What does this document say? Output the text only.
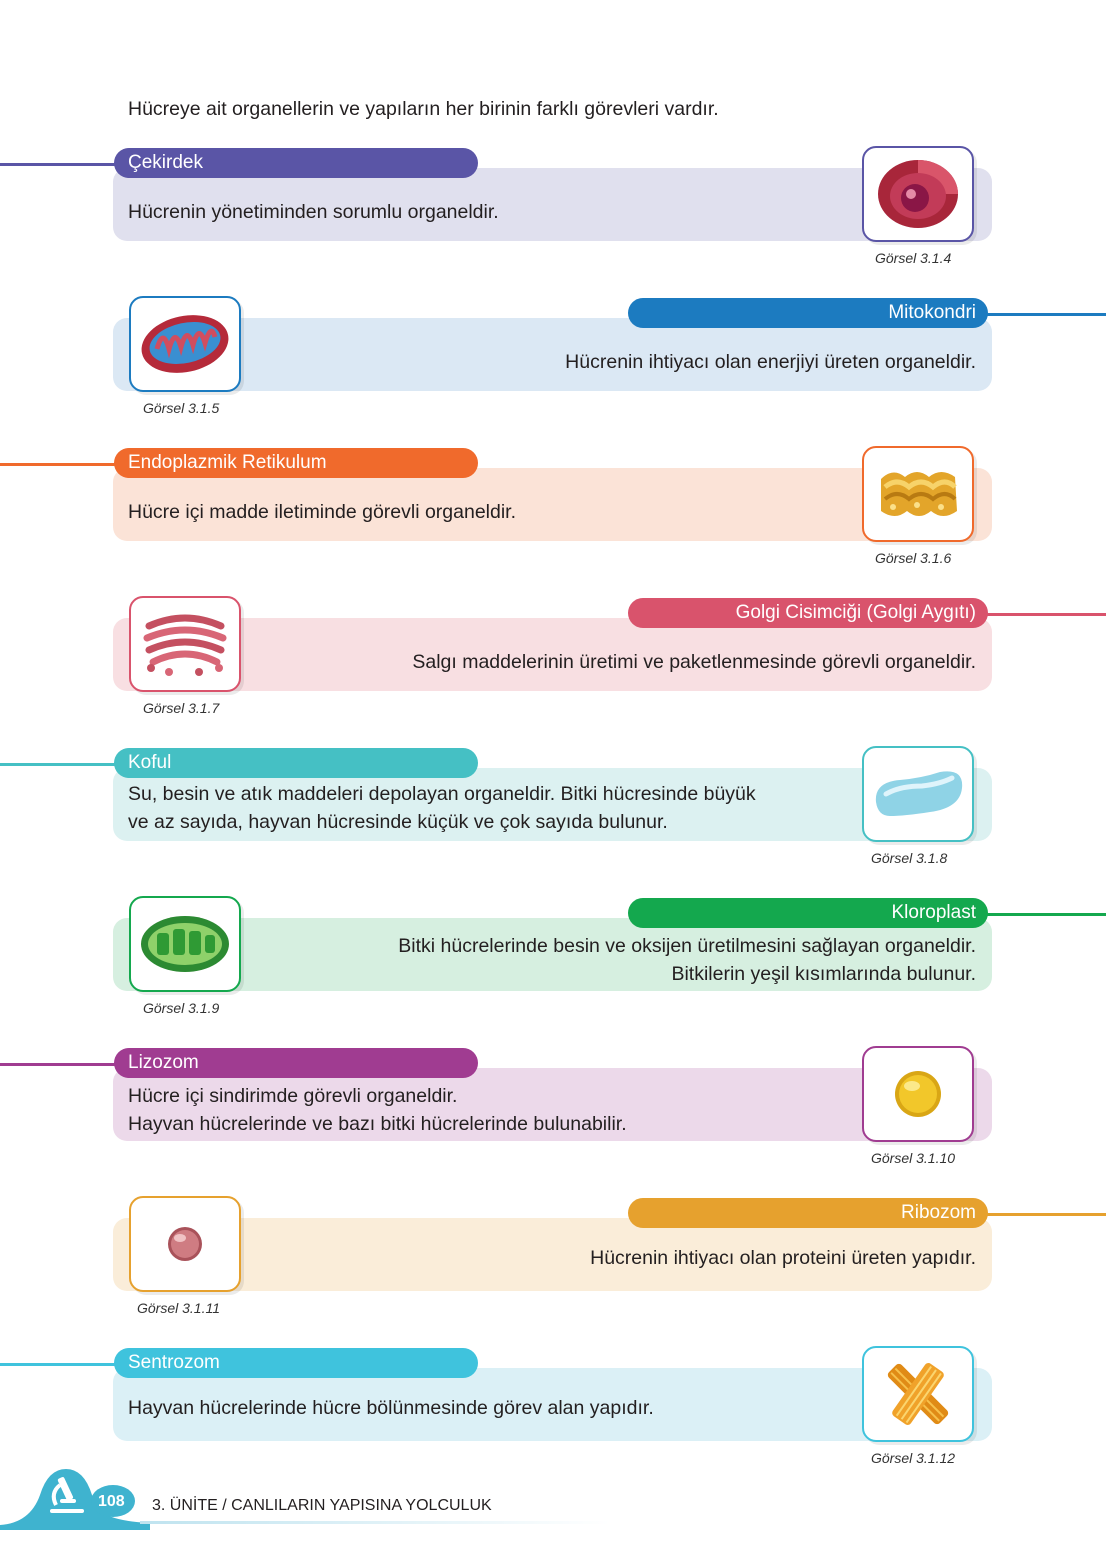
Hücreye ait organellerin ve yapıların her birinin farklı görevleri vardır.
Çekirdek
Hücrenin yönetiminden sorumlu organeldir.
Görsel 3.1.4
Mitokondri
Hücrenin ihtiyacı olan enerjiyi üreten organeldir.
Görsel 3.1.5
Endoplazmik Retikulum
Hücre içi madde iletiminde görevli organeldir.
Görsel 3.1.6
Golgi Cisimciği (Golgi Aygıtı)
Salgı maddelerinin üretimi ve paketlenmesinde görevli organeldir.
Görsel 3.1.7
Koful
Su, besin ve atık maddeleri depolayan organeldir. Bitki hücresinde büyük
ve az sayıda, hayvan hücresinde küçük ve çok sayıda bulunur.
Görsel 3.1.8
Kloroplast
Bitki hücrelerinde besin ve oksijen üretilmesini sağlayan organeldir.
Bitkilerin yeşil kısımlarında bulunur.
Görsel 3.1.9
Lizozom
Hücre içi sindirimde görevli organeldir.
Hayvan hücrelerinde ve bazı bitki hücrelerinde bulunabilir.
Görsel 3.1.10
Ribozom
Hücrenin ihtiyacı olan proteini üreten yapıdır.
Görsel 3.1.11
Sentrozom
Hayvan hücrelerinde hücre bölünmesinde görev alan yapıdır.
Görsel 3.1.12
108 3. ÜNİTE / CANLILARIN YAPISINA YOLCULUK
